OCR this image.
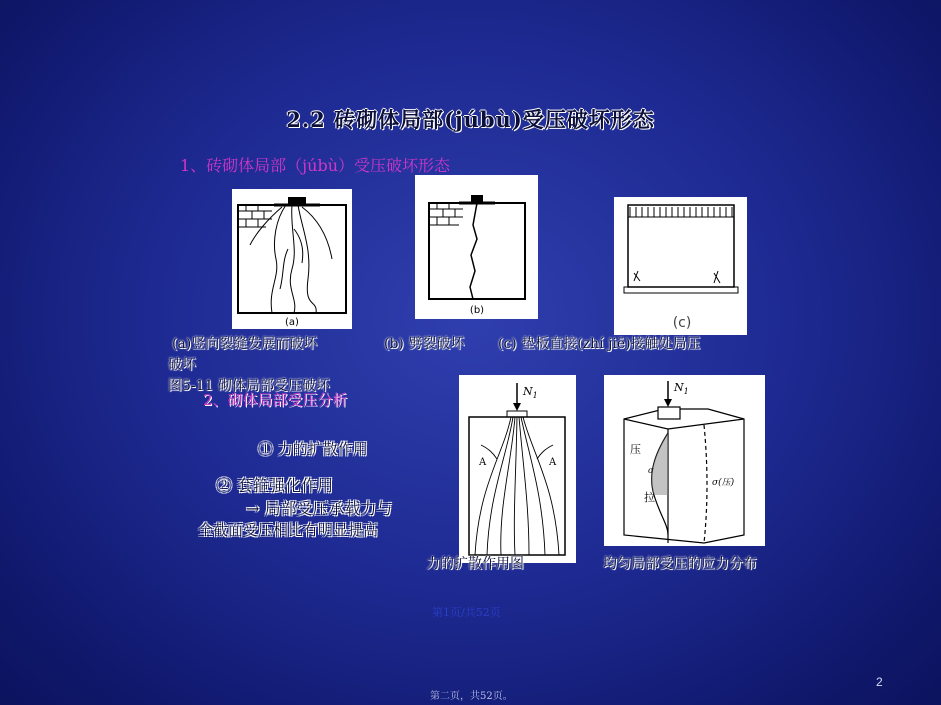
2.2 砖砌体局部(júbù)受压破坏形态
1、砖砌体局部（júbù）受压破坏形态
(a)
(b)
(c)
(a)竖向裂缝发展而破坏
破坏
(b) 劈裂破坏 (c) 垫板直接(zhí jiē)接触处局压
图5-11 砌体局部受压破坏
2、砌体局部受压分析
① 力的扩散作用
② 套箍强化作用
→ 局部受压承载力与
全截面受压相比有明显提高
$N_1$
A	A
$N_1$
压
拉
σ
σ(压)
力的扩散作用图	均匀局部受压的应力分布
第1页/共52页
2
第二页，共52页。
